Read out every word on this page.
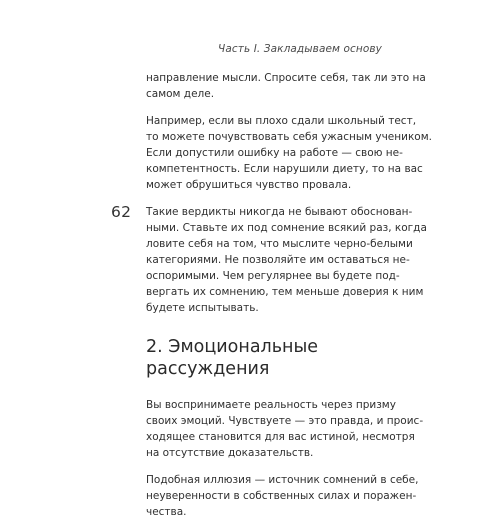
Часть I. Закладываем основу
62

направление мысли. Спросите себя, так ли это на
самом деле.

Например, если вы плохо сдали школьный тест,
то можете почувствовать себя ужасным учеником.
Если допустили ошибку на работе — свою не-
компетентность. Если нарушили диету, то на вас
может обрушиться чувство провала.

Такие вердикты никогда не бывают обоснован-
ными. Ставьте их под сомнение всякий раз, когда
ловите себя на том, что мыслите черно-белыми
категориями. Не позволяйте им оставаться не-
оспоримыми. Чем регулярнее вы будете под-
вергать их сомнению, тем меньше доверия к ним
будете испытывать.

2. Эмоциональные
рассуждения

Вы воспринимаете реальность через призму
своих эмоций. Чувствуете — это правда, и проис-
ходящее становится для вас истиной, несмотря
на отсутствие доказательств.

Подобная иллюзия — источник сомнений в себе,
неуверенности в собственных силах и поражен-
чества.
